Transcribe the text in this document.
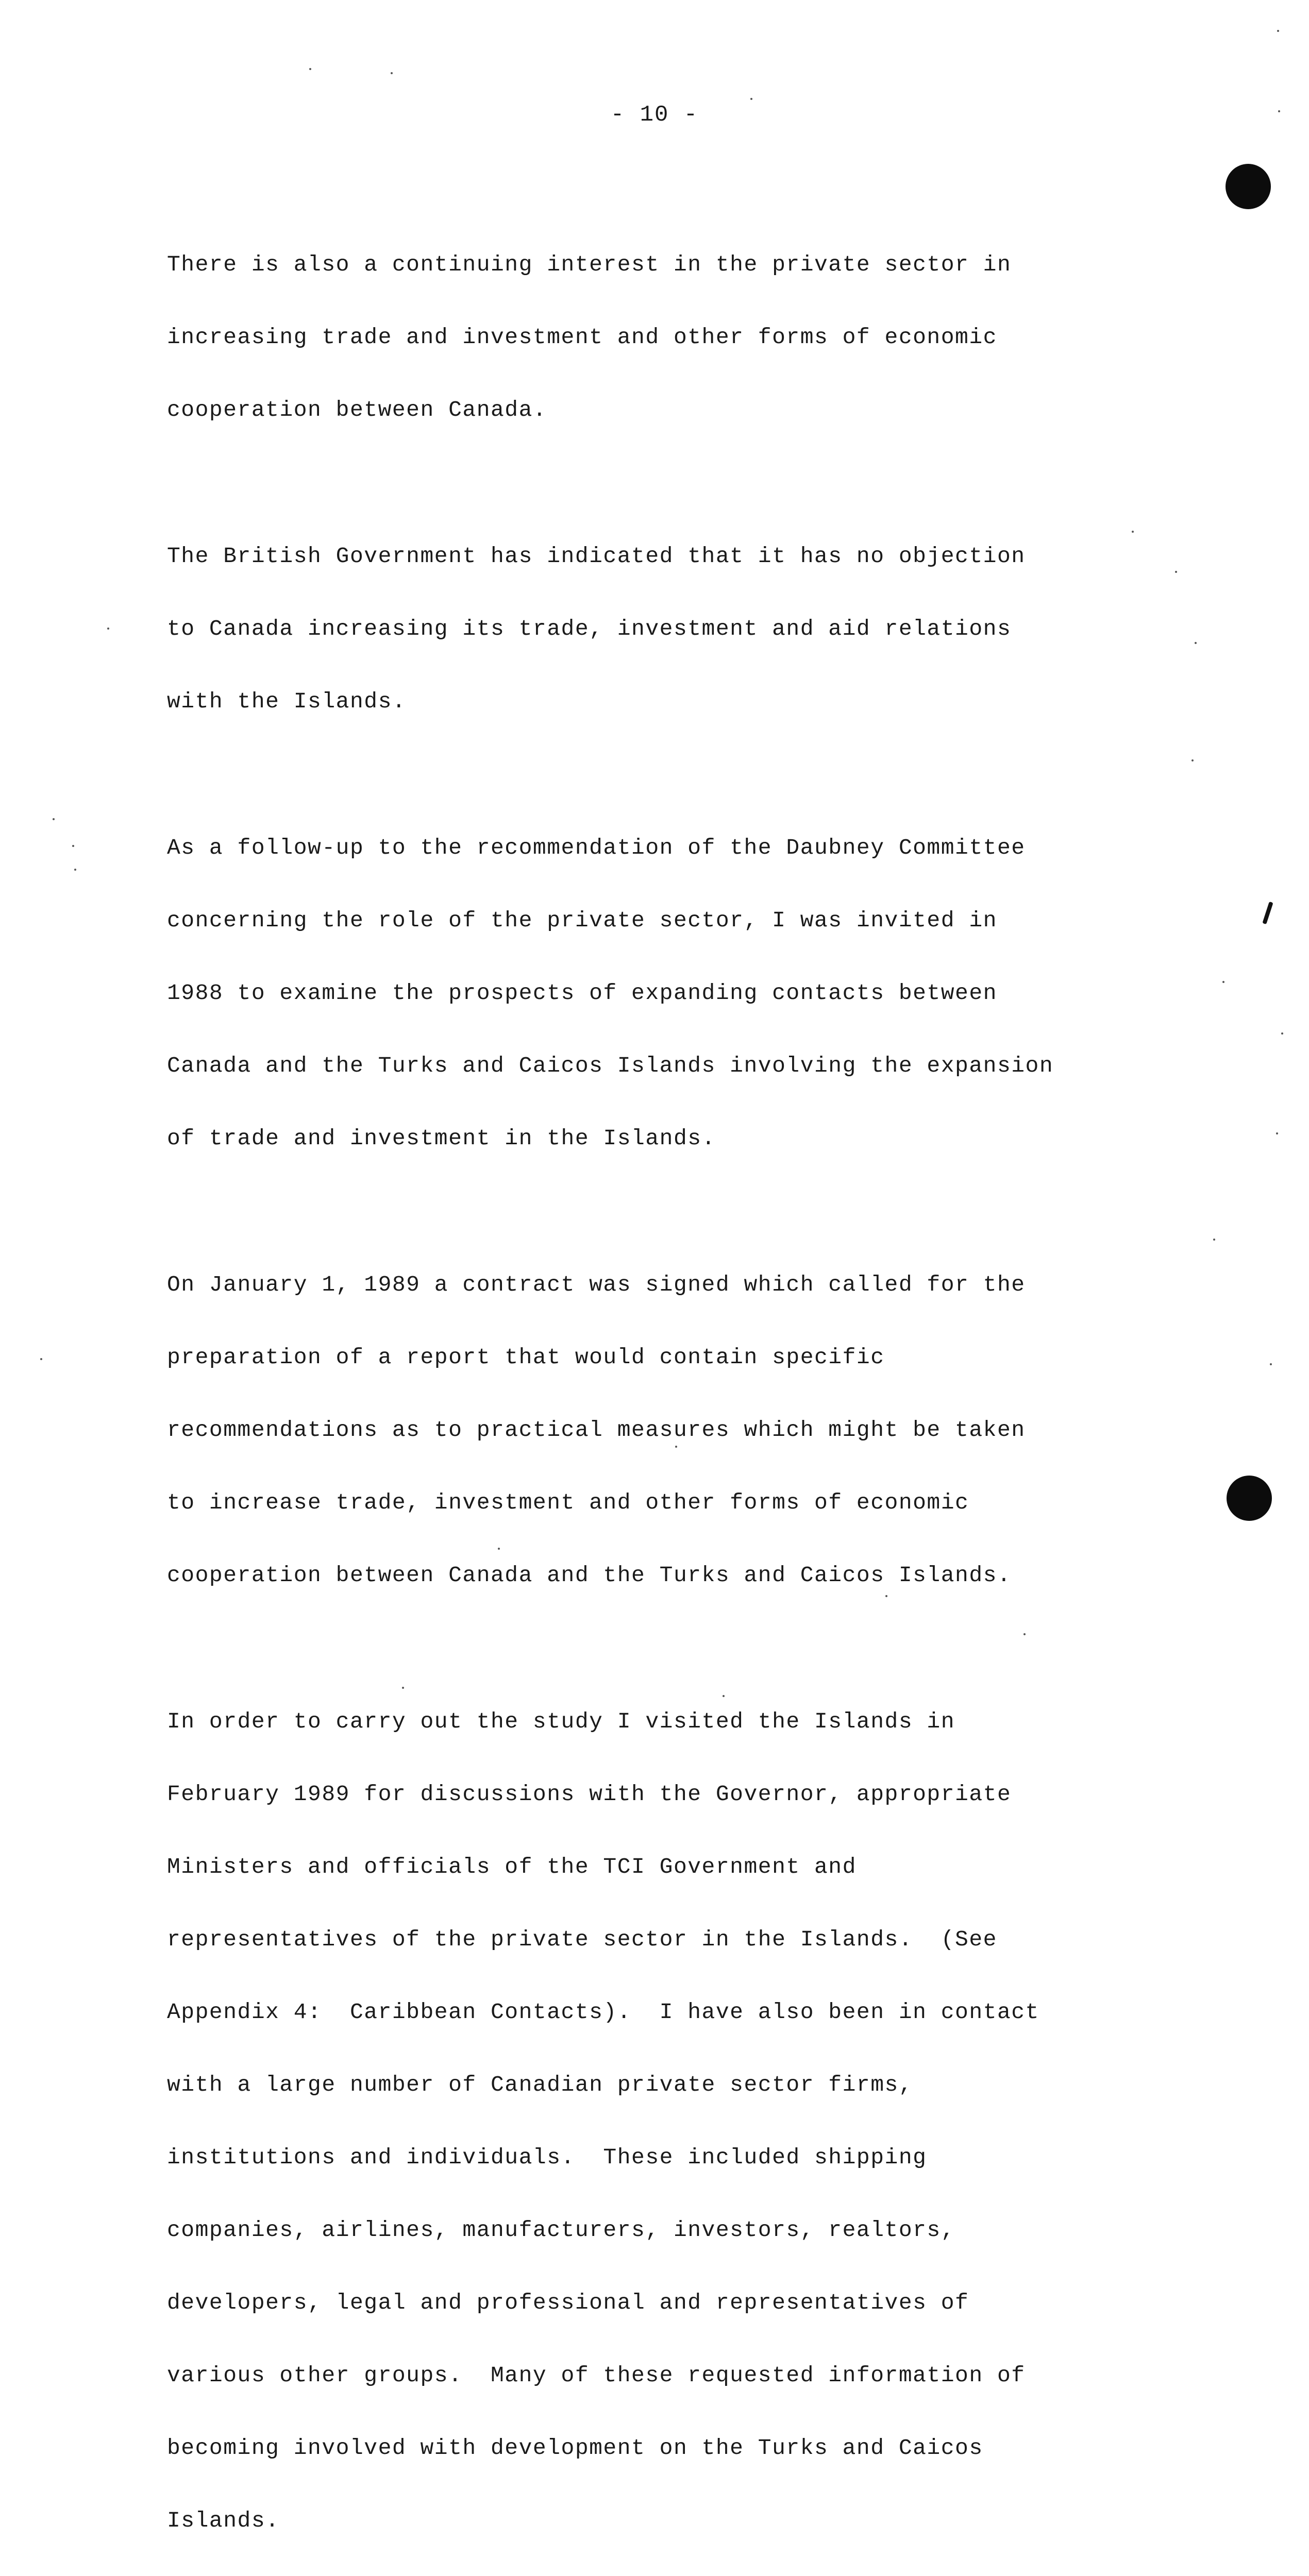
- 10 -

There is also a continuing interest in the private sector in

increasing trade and investment and other forms of economic

cooperation between Canada.

The British Government has indicated that it has no objection

to Canada increasing its trade, investment and aid relations

with the Islands.

As a follow-up to the recommendation of the Daubney Committee

concerning the role of the private sector, I was invited in

1988 to examine the prospects of expanding contacts between

Canada and the Turks and Caicos Islands involving the expansion

of trade and investment in the Islands.

On January 1, 1989 a contract was signed which called for the

preparation of a report that would contain specific

recommendations as to practical measures which might be taken

to increase trade, investment and other forms of economic

cooperation between Canada and the Turks and Caicos Islands.

In order to carry out the study I visited the Islands in

February 1989 for discussions with the Governor, appropriate

Ministers and officials of the TCI Government and

representatives of the private sector in the Islands.  (See

Appendix 4:  Caribbean Contacts).  I have also been in contact

with a large number of Canadian private sector firms,

institutions and individuals.  These included shipping

companies, airlines, manufacturers, investors, realtors,

developers, legal and professional and representatives of

various other groups.  Many of these requested information of

becoming involved with development on the Turks and Caicos

Islands.
